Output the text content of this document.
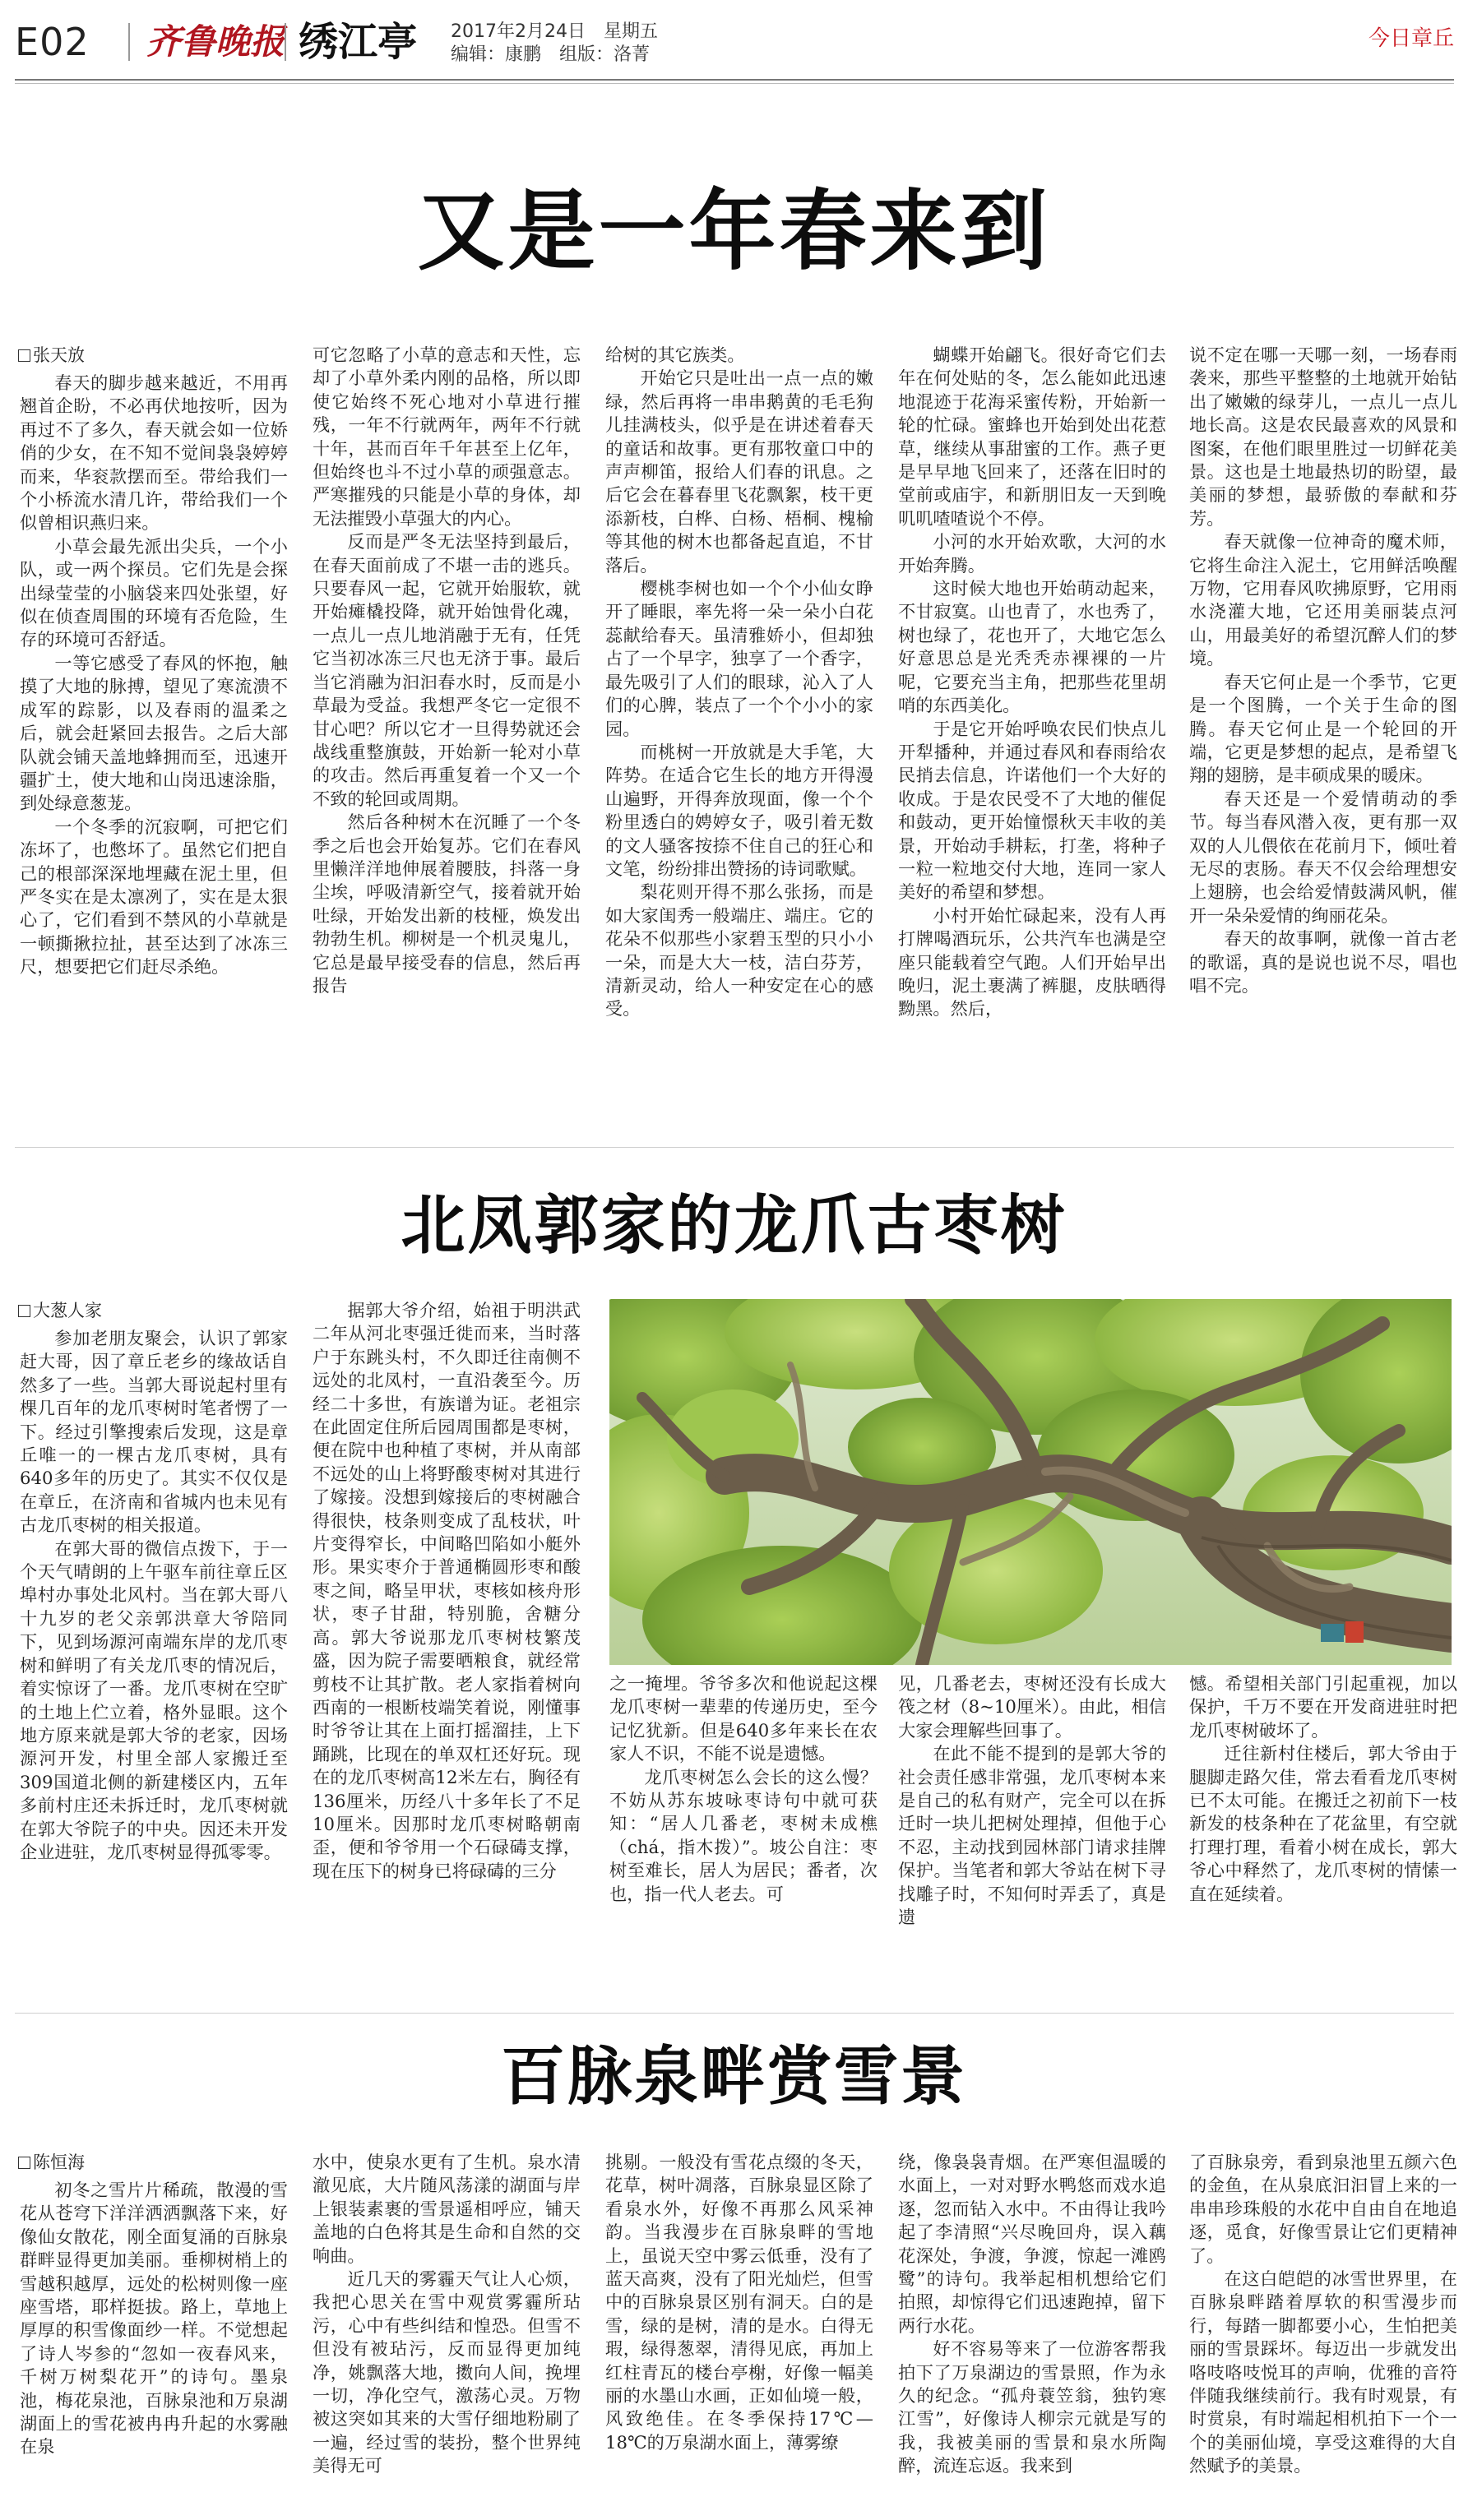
E02 齐鲁晚报 绣江亭 2017年2月24日　星期五
编辑：康鹏　组版：洛菁
今日章丘
又是一年春来到
张天放

春天的脚步越来越近，不用再翘首企盼，不必再伏地按听，因为再过不了多久，春天就会如一位娇俏的少女，在不知不觉间袅袅婷婷而来，华衮款摆而至。带给我们一个小桥流水清几许，带给我们一个似曾相识燕归来。

小草会最先派出尖兵，一个小队，或一两个探员。它们先是会探出绿莹莹的小脑袋来四处张望，好似在侦查周围的环境有否危险，生存的环境可否舒适。

一等它感受了春风的怀抱，触摸了大地的脉搏，望见了寒流溃不成军的踪影，以及春雨的温柔之后，就会赶紧回去报告。之后大部队就会铺天盖地蜂拥而至，迅速开疆扩土，使大地和山岗迅速涂脂，到处绿意葱茏。

一个冬季的沉寂啊，可把它们冻坏了，也憋坏了。虽然它们把自己的根部深深地埋藏在泥土里，但严冬实在是太凛冽了，实在是太狠心了，它们看到不禁风的小草就是一顿撕揪拉扯，甚至达到了冰冻三尺，想要把它们赶尽杀绝。

可它忽略了小草的意志和天性，忘却了小草外柔内刚的品格，所以即使它始终不死心地对小草进行摧残，一年不行就两年，两年不行就十年，甚而百年千年甚至上亿年，但始终也斗不过小草的顽强意志。严寒摧残的只能是小草的身体，却无法摧毁小草强大的内心。

反而是严冬无法坚持到最后，在春天面前成了不堪一击的逃兵。只要春风一起，它就开始服软，就开始瘫橇投降，就开始蚀骨化魂，一点儿一点儿地消融于无有，任凭它当初冰冻三尺也无济于事。最后当它消融为汩汩春水时，反而是小草最为受益。我想严冬它一定很不甘心吧？所以它才一旦得势就还会战线重整旗鼓，开始新一轮对小草的攻击。然后再重复着一个又一个不致的轮回或周期。

然后各种树木在沉睡了一个冬季之后也会开始复苏。它们在春风里懒洋洋地伸展着腰肢，抖落一身尘埃，呼吸清新空气，接着就开始吐绿，开始发出新的枝桠，焕发出勃勃生机。柳树是一个机灵鬼儿，它总是最早接受春的信息，然后再报告

给树的其它族类。

开始它只是吐出一点一点的嫩绿，然后再将一串串鹅黄的毛毛狗儿挂满枝头，似乎是在讲述着春天的童话和故事。更有那牧童口中的声声柳笛，报给人们春的讯息。之后它会在暮春里飞花飘絮，枝干更添新枝，白桦、白杨、梧桐、槐榆等其他的树木也都备起直追，不甘落后。

樱桃李树也如一个个小仙女睁开了睡眼，率先将一朵一朵小白花蕊献给春天。虽清雅娇小，但却独占了一个早字，独享了一个香字，最先吸引了人们的眼球，沁入了人们的心脾，装点了一个个小小的家园。

而桃树一开放就是大手笔，大阵势。在适合它生长的地方开得漫山遍野，开得奔放现面，像一个个粉里透白的娉婷女子，吸引着无数的文人骚客按捺不住自己的狂心和文笔，纷纷排出赞扬的诗词歌赋。

梨花则开得不那么张扬，而是如大家闺秀一般端庄、端庄。它的花朵不似那些小家碧玉型的只小小一朵，而是大大一枝，洁白芬芳，清新灵动，给人一种安定在心的感受。

蝴蝶开始翩飞。很好奇它们去年在何处贴的冬，怎么能如此迅速地混迹于花海采蜜传粉，开始新一轮的忙碌。蜜蜂也开始到处出花惹草，继续从事甜蜜的工作。燕子更是早早地飞回来了，还落在旧时的堂前或庙宇，和新朋旧友一天到晚叽叽喳喳说个不停。

小河的水开始欢歌，大河的水开始奔腾。

这时候大地也开始萌动起来，不甘寂寞。山也青了，水也秀了，树也绿了，花也开了，大地它怎么好意思总是光秃秃赤裸裸的一片呢，它要充当主角，把那些花里胡哨的东西美化。

于是它开始呼唤农民们快点儿开犁播种，并通过春风和春雨给农民捎去信息，许诺他们一个大好的收成。于是农民受不了大地的催促和鼓动，更开始憧憬秋天丰收的美景，开始动手耕耘，打垄，将种子一粒一粒地交付大地，连同一家人美好的希望和梦想。

小村开始忙碌起来，没有人再打牌喝酒玩乐，公共汽车也满是空座只能载着空气跑。人们开始早出晚归，泥土裹满了裤腿，皮肤晒得黝黑。然后，

说不定在哪一天哪一刻，一场春雨袭来，那些平整整的土地就开始钻出了嫩嫩的绿芽儿，一点儿一点儿地长高。这是农民最喜欢的风景和图案，在他们眼里胜过一切鲜花美景。这也是土地最热切的盼望，最美丽的梦想，最骄傲的奉献和芬芳。

春天就像一位神奇的魔术师，它将生命注入泥土，它用鲜活唤醒万物，它用春风吹拂原野，它用雨水浇灌大地，它还用美丽装点河山，用最美好的希望沉醉人们的梦境。

春天它何止是一个季节，它更是一个图腾，一个关于生命的图腾。春天它何止是一个轮回的开端，它更是梦想的起点，是希望飞翔的翅膀，是丰硕成果的暖床。

春天还是一个爱情萌动的季节。每当春风潜入夜，更有那一双双的人儿偎依在花前月下，倾吐着无尽的衷肠。春天不仅会给理想安上翅膀，也会给爱情鼓满风帆，催开一朵朵爱情的绚丽花朵。

春天的故事啊，就像一首古老的歌谣，真的是说也说不尽，唱也唱不完。

北凤郭家的龙爪古枣树
大葱人家

参加老朋友聚会，认识了郭家赶大哥，因了章丘老乡的缘故话自然多了一些。当郭大哥说起村里有棵几百年的龙爪枣树时笔者愣了一下。经过引擎搜索后发现，这是章丘唯一的一棵古龙爪枣树，具有640多年的历史了。其实不仅仅是在章丘，在济南和省城内也未见有古龙爪枣树的相关报道。

在郭大哥的微信点拨下，于一个天气晴朗的上午驱车前往章丘区埠村办事处北风村。当在郭大哥八十九岁的老父亲郭洪章大爷陪同下，见到场源河南端东岸的龙爪枣树和鲜明了有关龙爪枣的情况后，着实惊讶了一番。龙爪枣树在空旷的土地上伫立着，格外显眼。这个地方原来就是郭大爷的老家，因场源河开发，村里全部人家搬迁至309国道北侧的新建楼区内，五年多前村庄还未拆迁时，龙爪枣树就在郭大爷院子的中央。因还未开发企业进驻，龙爪枣树显得孤零零。

据郭大爷介绍，始祖于明洪武二年从河北枣强迁徙而来，当时落户于东跳头村，不久即迁往南侧不远处的北凤村，一直沿袭至今。历经二十多世，有族谱为证。老祖宗在此固定住所后园周围都是枣树，便在院中也种植了枣树，并从南部不远处的山上将野酸枣树对其进行了嫁接。没想到嫁接后的枣树融合得很快，枝条则变成了乱枝状，叶片变得窄长，中间略凹陷如小艇外形。果实枣介于普通椭圆形枣和酸枣之间，略呈甲状，枣核如核舟形状，枣子甘甜，特别脆，舍糖分高。郭大爷说那龙爪枣树枝繁茂盛，因为院子需要晒粮食，就经常剪枝不让其扩散。老人家指着树向西南的一根断枝端笑着说，刚懂事时爷爷让其在上面打摇溜挂，上下踊跳，比现在的单双杠还好玩。现在的龙爪枣树高12米左右，胸径有136厘米，历经八十多年长了不足10厘米。因那时龙爪枣树略朝南歪，便和爷爷用一个石碌碡支撑，现在压下的树身已将碌碡的三分

之一掩埋。爷爷多次和他说起这棵龙爪枣树一辈辈的传递历史，至今记忆犹新。但是640多年来长在农家人不识，不能不说是遗憾。

龙爪枣树怎么会长的这么慢？不妨从苏东坡咏枣诗句中就可获知：“居人几番老，枣树未成樵（chá，指木拨）”。坡公自注：枣树至难长，居人为居民；番者，次也，指一代人老去。可

见，几番老去，枣树还没有长成大筏之材（8~10厘米）。由此，相信大家会理解些回事了。

在此不能不提到的是郭大爷的社会责任感非常强，龙爪枣树本来是自己的私有财产，完全可以在拆迁时一块儿把树处理掉，但他于心不忍，主动找到园林部门请求挂牌保护。当笔者和郭大爷站在树下寻找雕子时，不知何时弄丢了，真是遗

憾。希望相关部门引起重视，加以保护，千万不要在开发商进驻时把龙爪枣树破坏了。

迁往新村住楼后，郭大爷由于腿脚走路欠佳，常去看看龙爪枣树已不太可能。在搬迁之初前下一枝新发的枝条种在了花盆里，有空就打理打理，看着小树在成长，郭大爷心中释然了，龙爪枣树的情愫一直在延续着。

百脉泉畔赏雪景
陈恒海

初冬之雪片片稀疏，散漫的雪花从苍穹下洋洋洒洒飘落下来，好像仙女散花，刚全面复涌的百脉泉群畔显得更加美丽。垂柳树梢上的雪越积越厚，远处的松树则像一座座雪塔，耶样挺拔。路上，草地上厚厚的积雪像面纱一样。不觉想起了诗人岑参的“忽如一夜春风来，千树万树梨花开”的诗句。墨泉池，梅花泉池，百脉泉池和万泉湖湖面上的雪花被冉冉升起的水雾融在泉

水中，使泉水更有了生机。泉水清澈见底，大片随风荡漾的湖面与岸上银装素裹的雪景遥相呼应，铺天盖地的白色将其是生命和自然的交响曲。

近几天的雾霾天气让人心烦，我把心思关在雪中观赏雾霾所玷污，心中有些纠结和惶恐。但雪不但没有被玷污，反而显得更加纯净，姚飘落大地，擞向人间，挽埋一切，净化空气，激荡心灵。万物被这突如其来的大雪仔细地粉刷了一遍，经过雪的装扮，整个世界纯美得无可

挑剔。一般没有雪花点缀的冬天，花草，树叶凋落，百脉泉显区除了看泉水外，好像不再那么风采神韵。当我漫步在百脉泉畔的雪地上，虽说天空中雾云低垂，没有了蓝天高爽，没有了阳光灿烂，但雪中的百脉泉景区别有洞天。白的是雪，绿的是树，清的是水。白得无瑕，绿得葱翠，清得见底，再加上红柱青瓦的楼台亭榭，好像一幅美丽的水墨山水画，正如仙境一般，风致绝佳。在冬季保持17℃—18℃的万泉湖水面上，薄雾缭

绕，像袅袅青烟。在严寒但温暖的水面上，一对对野水鸭悠而戏水追逐，忽而钻入水中。不由得让我吟起了李清照“兴尽晚回舟，误入藕花深处，争渡，争渡，惊起一滩鸥鹭”的诗句。我举起相机想给它们拍照，却惊得它们迅速跑掉，留下两行水花。

好不容易等来了一位游客帮我拍下了万泉湖边的雪景照，作为永久的纪念。“孤舟蓑笠翁，独钓寒江雪”，好像诗人柳宗元就是写的我，我被美丽的雪景和泉水所陶醉，流连忘返。我来到

了百脉泉旁，看到泉池里五颜六色的金鱼，在从泉底汩汩冒上来的一串串珍珠般的水花中自由自在地追逐，觅食，好像雪景让它们更精神了。

在这白皑皑的冰雪世界里，在百脉泉畔踏着厚软的积雪漫步而行，每踏一脚都要小心，生怕把美丽的雪景踩坏。每迈出一步就发出咯吱咯吱悦耳的声响，优雅的音符伴随我继续前行。我有时观景，有时赏泉，有时端起相机拍下一个一个的美丽仙境，享受这难得的大自然赋予的美景。
